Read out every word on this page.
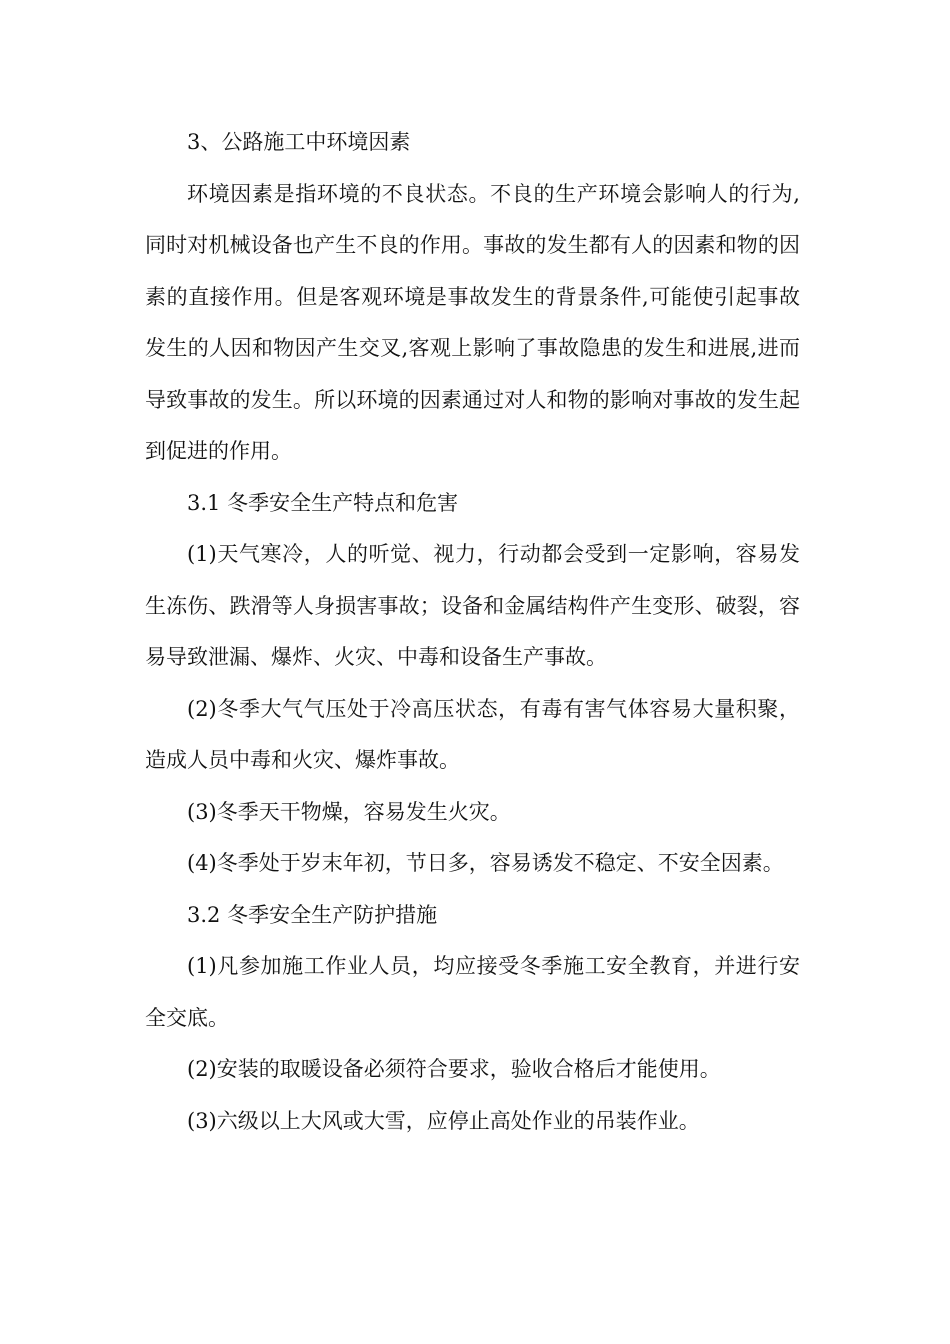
3、公路施工中环境因素

环境因素是指环境的不良状态。不良的生产环境会影响人的行为,同时对机械设备也产生不良的作用。事故的发生都有人的因素和物的因素的直接作用。但是客观环境是事故发生的背景条件,可能使引起事故发生的人因和物因产生交叉,客观上影响了事故隐患的发生和进展,进而导致事故的发生。所以环境的因素通过对人和物的影响对事故的发生起到促进的作用。

3.1 冬季安全生产特点和危害

(1)天气寒冷，人的听觉、视力，行动都会受到一定影响，容易发生冻伤、跌滑等人身损害事故；设备和金属结构件产生变形、破裂，容易导致泄漏、爆炸、火灾、中毒和设备生产事故。

(2)冬季大气气压处于冷高压状态，有毒有害气体容易大量积聚，造成人员中毒和火灾、爆炸事故。

(3)冬季天干物燥，容易发生火灾。

(4)冬季处于岁末年初，节日多，容易诱发不稳定、不安全因素。

3.2 冬季安全生产防护措施

(1)凡参加施工作业人员，均应接受冬季施工安全教育，并进行安全交底。

(2)安装的取暖设备必须符合要求，验收合格后才能使用。

(3)六级以上大风或大雪，应停止高处作业的吊装作业。
